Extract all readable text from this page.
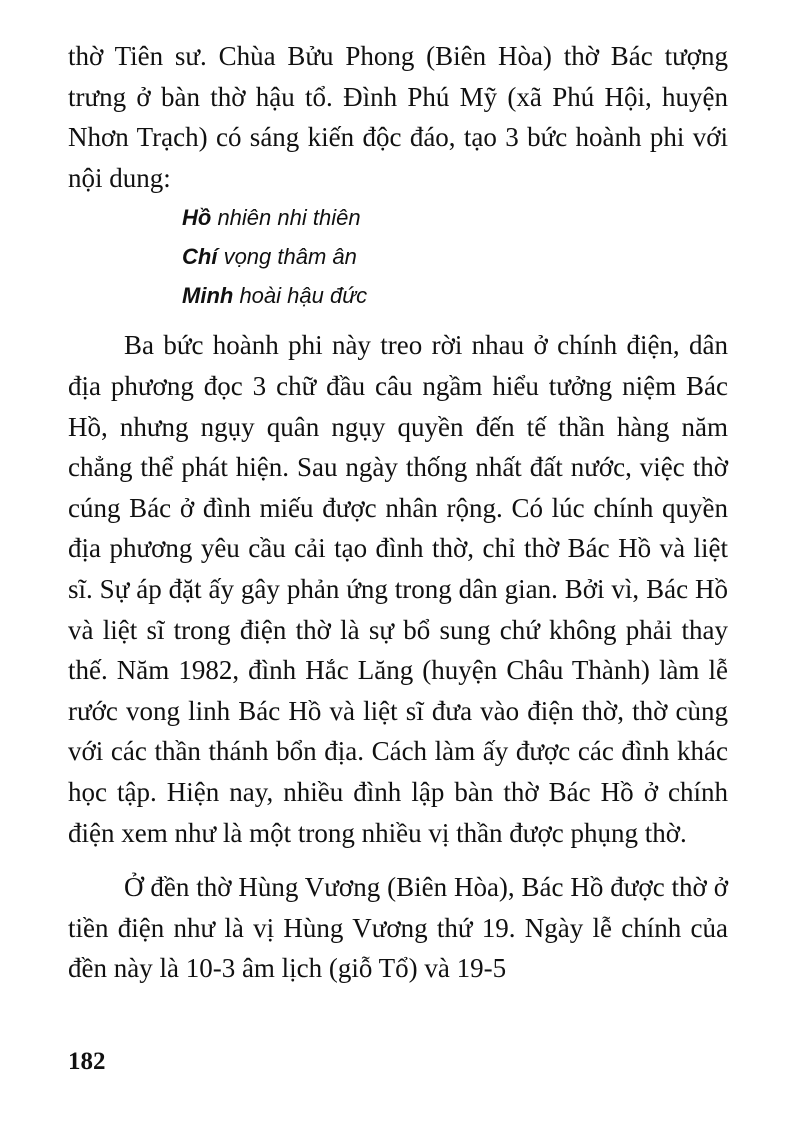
thờ Tiên sư. Chùa Bửu Phong (Biên Hòa) thờ Bác tượng trưng ở bàn thờ hậu tổ. Đình Phú Mỹ (xã Phú Hội, huyện Nhơn Trạch) có sáng kiến độc đáo, tạo 3 bức hoành phi với nội dung:

Hồ nhiên nhi thiên
Chí vọng thâm ân
Minh hoài hậu đức

Ba bức hoành phi này treo rời nhau ở chính điện, dân địa phương đọc 3 chữ đầu câu ngầm hiểu tưởng niệm Bác Hồ, nhưng ngụy quân ngụy quyền đến tế thần hàng năm chẳng thể phát hiện. Sau ngày thống nhất đất nước, việc thờ cúng Bác ở đình miếu được nhân rộng. Có lúc chính quyền địa phương yêu cầu cải tạo đình thờ, chỉ thờ Bác Hồ và liệt sĩ. Sự áp đặt ấy gây phản ứng trong dân gian. Bởi vì, Bác Hồ và liệt sĩ trong điện thờ là sự bổ sung chứ không phải thay thế. Năm 1982, đình Hắc Lăng (huyện Châu Thành) làm lễ rước vong linh Bác Hồ và liệt sĩ đưa vào điện thờ, thờ cùng với các thần thánh bổn địa. Cách làm ấy được các đình khác học tập. Hiện nay, nhiều đình lập bàn thờ Bác Hồ ở chính điện xem như là một trong nhiều vị thần được phụng thờ.

Ở đền thờ Hùng Vương (Biên Hòa), Bác Hồ được thờ ở tiền điện như là vị Hùng Vương thứ 19. Ngày lễ chính của đền này là 10-3 âm lịch (giỗ Tổ) và 19-5

182
